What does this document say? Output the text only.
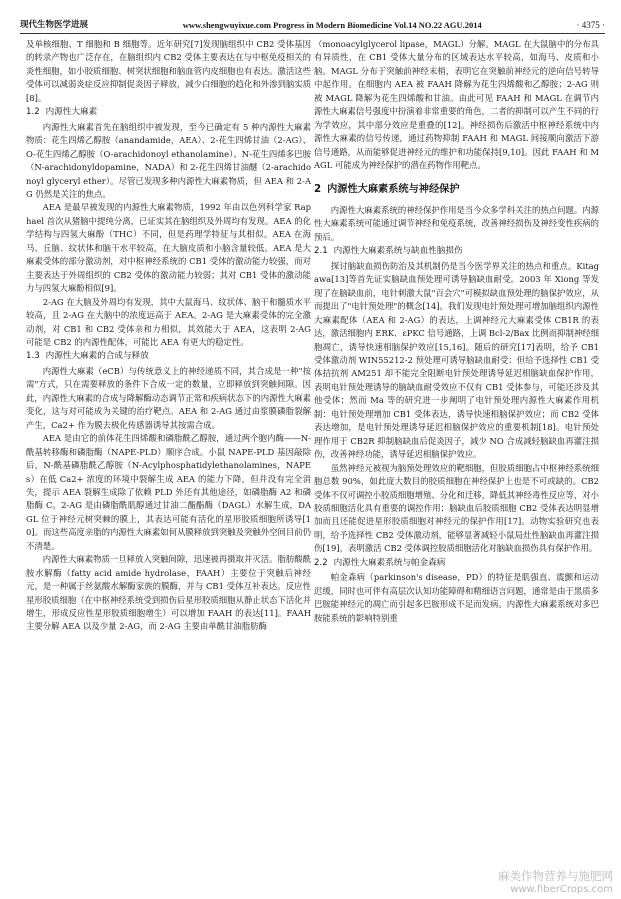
现代生物医学进展	www.shengwuyixue.com Progress in Modern Biomedicine Vol.14 NO.22 AGU.2014	· 4375 ·

及单核细胞、T 细胞和 B 细胞等。近年研究[7]发现脑组织中 CB2 受体基因的转录产物也广泛存在，在脑组织内 CB2 受体主要表达在与中枢免疫相关的炎性细胞，如小胶质细胞、树突状细胞和脑血管内皮细胞也有表达。激活这些受体可以减弱炎症反应抑制促炎因子释放，减少白细胞的趋化和外渗到脑实质[8]。

1.2 内源性大麻素

内源性大麻素首先在脑组织中被发现，至今已确定有 5 种内源性大麻素物质：花生四烯乙醇胺（anandamide，AEA）、2-花生四烯甘油（2-AG）、O-花生四烯乙醇胺（O-arachidonoyl ethanolamine）、N-花生四烯多巴胺（N-arachidonyldopamine，NADA）和 2-花生四烯甘油醚（2-arachidonoyl glyceryl ether）。尽管已发现多种内源性大麻素物质，但 AEA 和 2-AG 仍然是关注的焦点。

AEA 是最早被发现的内源性大麻素物质，1992 年由以色列科学家 Raphael 首次从猪脑中提纯分离，已证实其在脑组织及外周均有发现。AEA 的化学结构与四氢大麻酚（THC）不同，但是药理学特征与其相似。AEA 在海马、丘脑、纹状体和脑干水平较高，在大脑皮质和小脑含量较低。AEA 是大麻素受体的部分激动剂，对中枢神经系统的 CB1 受体的激动能力较强，而对主要表达于外周组织的 CB2 受体的激动能力较弱；其对 CB1 受体的激动能力与四氢大麻酚相似[9]。

2-AG 在大脑及外周均有发现，其中大鼠海马、纹状体、脑干和髓质水平较高，且 2-AG 在大脑中的浓度远高于 AEA。2-AG 是大麻素受体的完全激动剂，对 CB1 和 CB2 受体亲和力相似，其效能大于 AEA，这表明 2-AG 可能是 CB2 的内源性配体，可能比 AEA 有更大的稳定性。

1.3 内源性大麻素的合成与释放

内源性大麻素（eCB）与传统意义上的神经递质不同，其合成是一种"按需"方式，只在需要释放的条件下合成一定的数量，立即释放到突触间隙。因此，内源性大麻素的合成与降解酶动态调节正常和疾病状态下的内源性大麻素变化，这与对可能成为关键的治疗靶点。AEA 和 2-AG 通过由浆膜磷脂裂解产生，Ca2+ 作为膜去极化传感器诱导其按需合成。

AEA 是由它的前体花生四烯酸和磷脂酰乙醇胺，通过两个胞内酶——N-酰基转移酶和磷脂酶（NAPE-PLD）顺序合成。小鼠 NAPE-PLD 基因敲除后，N-酰基磷脂酰乙醇胺（N-Acylphosphatidylethanolamines，NAPEs）在低 Ca2+ 浓度的环境中裂解生成 AEA 的能力下降，但并没有完全消失，提示 AEA 裂解生成除了依赖 PLD 外还有其他途径，如磷脂酶 A2 和磷脂酶 C。2-AG 是由磷脂酰肌醇通过甘油二酯酯酶（DAGL）水解生成，DAGL 位于神经元树突棘的膜上，其表达可能有活化的星形胶质细胞所诱导[10]。而这些高度亲脂的内源性大麻素如何从膜释放到突触及突触外空间目前仍不清楚。

内源性大麻素物质一旦释放入突触间隙，迅速被再摄取并灭活。脂肪酸酰胺水解酶（fatty acid amide hydrolase，FAAH）主要位于突触后神经元，是一种属于丝氨酸水解酶家族的膜酶，并与 CB1 受体互补表达。反应性星形胶质细胞（在中枢神经系统受到损伤后星形胶质细胞从静止状态下活化并增生，形成反应性星形胶质细胞增生）可以增加 FAAH 的表达[11]。FAAH 主要分解 AEA 以及少量 2-AG，而 2-AG 主要由单酰甘油脂肪酶

（monoacylglycerol lipase，MAGL）分解。MAGL 在大鼠脑中的分布具有异质性，在 CB1 受体大量分布的区域表达水平较高，如海马、皮质和小脑。MAGL 分布于突触前神经末梢，表明它在突触前神经元的逆向信号转导中起作用。在细胞内 AEA 被 FAAH 降解为花生四烯酸和乙醇胺；2-AG 则被 MAGL 降解为花生四烯酸和甘油。由此可见 FAAH 和 MAGL 在调节内源性大麻素信号强度中扮演着非常重要的角色，二者的抑制可以产生不同的行为学效应，其中部分效应是重叠的[12]。神经损伤后激活中枢神经系统中内源性大麻素的信号传递，通过药物抑制 FAAH 和 MAGL 间接顺向激活下游信号通路，从而能够促进神经元的维护和功能保持[9,10]。因此 FAAH 和 MAGL 可能成为神经保护的潜在药物作用靶点。

2 内源性大麻素系统与神经保护

内源性大麻素系统的神经保护作用是当今众多学科关注的热点问题。内源性大麻素系统可能通过调节神经和免疫系统，改善神经损伤及神经变性疾病的预后。

2.1 内源性大麻素系统与缺血性脑损伤

探讨脑缺血损伤防治及其机制仍是当今医学界关注的热点和重点。Kitagawa[13]等首先证实脑缺血预处理可诱导脑缺血耐受。2003 年 Xiong 等发现了在脑缺血前，电针刺激大鼠"百会穴"可模拟缺血预处理的脑保护效应，从而提出了"电针预处理"的概念[14]。我们发现电针预处理可增加脑组织内源性大麻素配体（AEA 和 2-AG）的表达，上调神经元大麻素受体 CB1R 的表达，激活细胞内 ERK、εPKC 信号通路，上调 Bcl-2/Bax 比例而抑制神经细胞凋亡，诱导快速相脑保护效应[15,16]。随后的研究[17]表明，给予 CB1 受体激动剂 WIN55212-2 预处理可诱导脑缺血耐受；但给予选择性 CB1 受体拮抗剂 AM251 却不能完全阻断电针预处理诱导延迟相脑缺血保护作用，表明电针预处理诱导的脑缺血耐受效应不仅有 CB1 受体参与，可能还涉及其他受体；然而 Ma 等的研究进一步阐明了电针预处理内源性大麻素作用机制：电针预处理增加 CB1 受体表达，诱导快速相脑保护效应；而 CB2 受体表达增加，是电针预处理诱导延迟相脑保护效应的重要机制[18]。电针预处理作用于 CB2R 抑制脑缺血后促炎因子，减少 NO 合成减轻脑缺血再灌注损伤，改善神经功能，诱导延迟相脑保护效应。

虽然神经元被视为脑预处理效应的靶细胞，但胶质细胞占中枢神经系统细胞总数 90%，如此庞大数目的胶质细胞在神经保护上也是不可或缺的。CB2 受体不仅可调控小胶质细胞增殖、分化和迁移，降低其神经毒性反应等，对小胶质细胞活化具有重要的调控作用；脑缺血后胶质细胞 CB2 受体表达明显增加而且还能促进星形胶质细胞对神经元的保护作用[17]。动物实验研究也表明，给予选择性 CB2 受体激动剂，能够显著减轻小鼠局灶性脑缺血再灌注损伤[19]，表明激活 CB2 受体调控胶质细胞活化对脑缺血损伤具有保护作用。

2.2 内源性大麻素系统与帕金森病

帕金森病（parkinson's disease，PD）的特征是肌强直、震颤和运动迟缓，同时也可伴有高层次认知功能障碍和精细语言问题，通常是由于黑质多巴胺能神经元的凋亡而引起多巴胺形成不足而发病。内源性大麻素系统对多巴胺能系统的影响特别重

麻类作物营养与施肥网
www.fiberCrops.com
